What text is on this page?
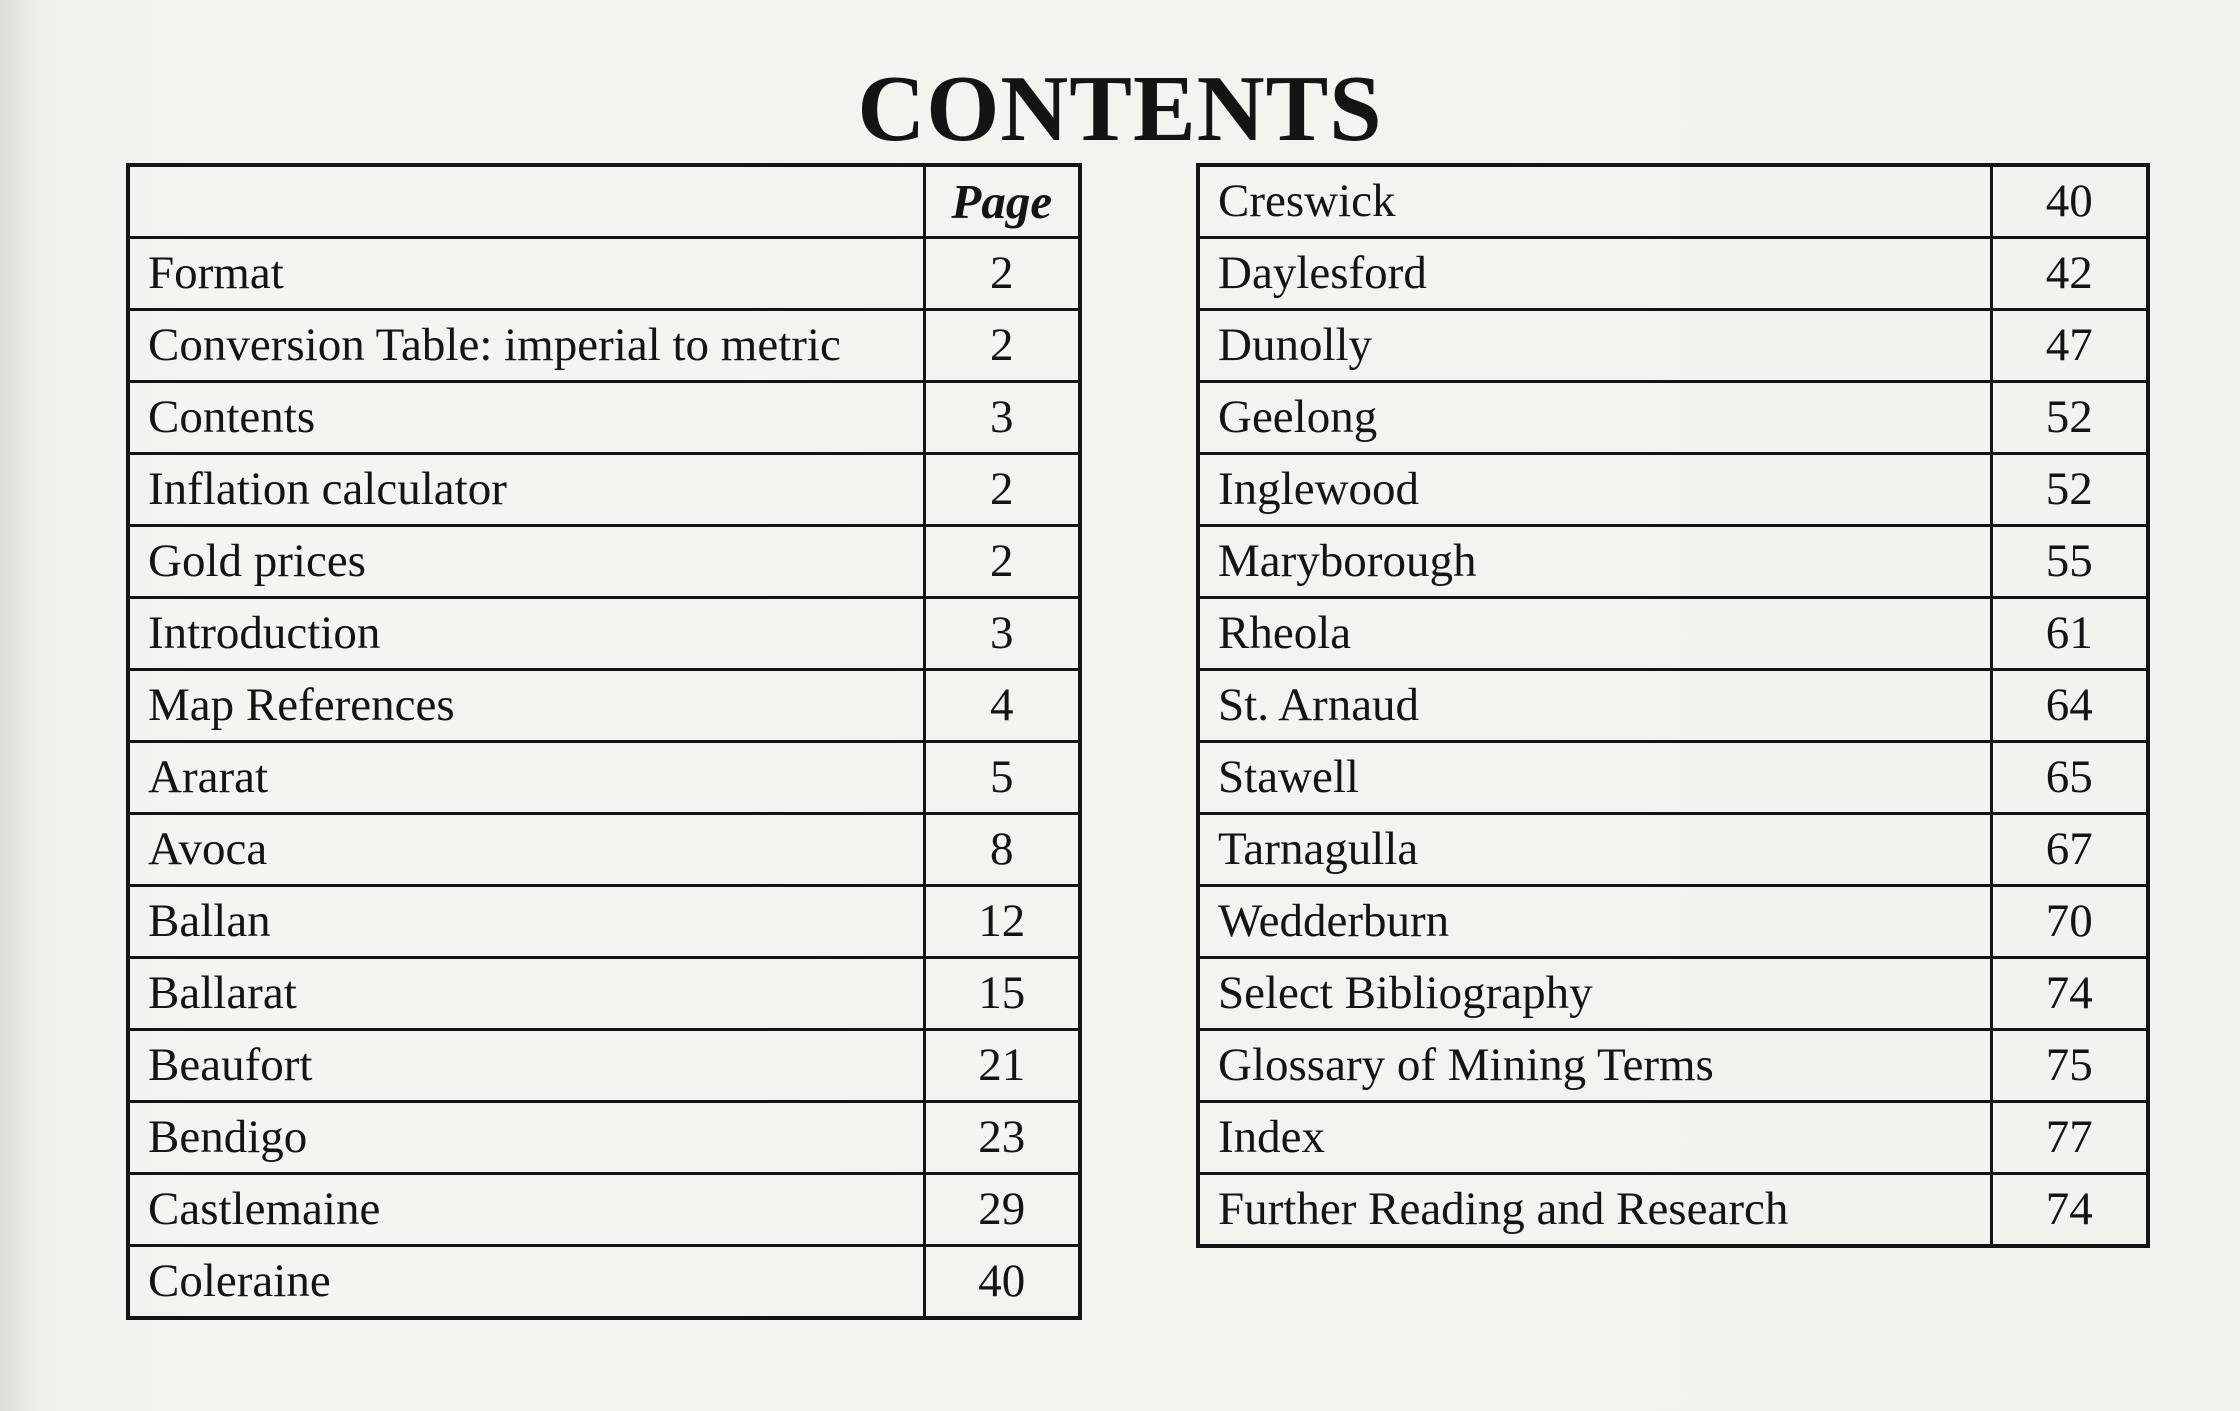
CONTENTS
	Page
Format	2
Conversion Table: imperial to metric	2
Contents	3
Inflation calculator	2
Gold prices	2
Introduction	3
Map References	4
Ararat	5
Avoca	8
Ballan	12
Ballarat	15
Beaufort	21
Bendigo	23
Castlemaine	29
Coleraine	40
Creswick	40
Daylesford	42
Dunolly	47
Geelong	52
Inglewood	52
Maryborough	55
Rheola	61
St. Arnaud	64
Stawell	65
Tarnagulla	67
Wedderburn	70
Select Bibliography	74
Glossary of Mining Terms	75
Index	77
Further Reading and Research	74
